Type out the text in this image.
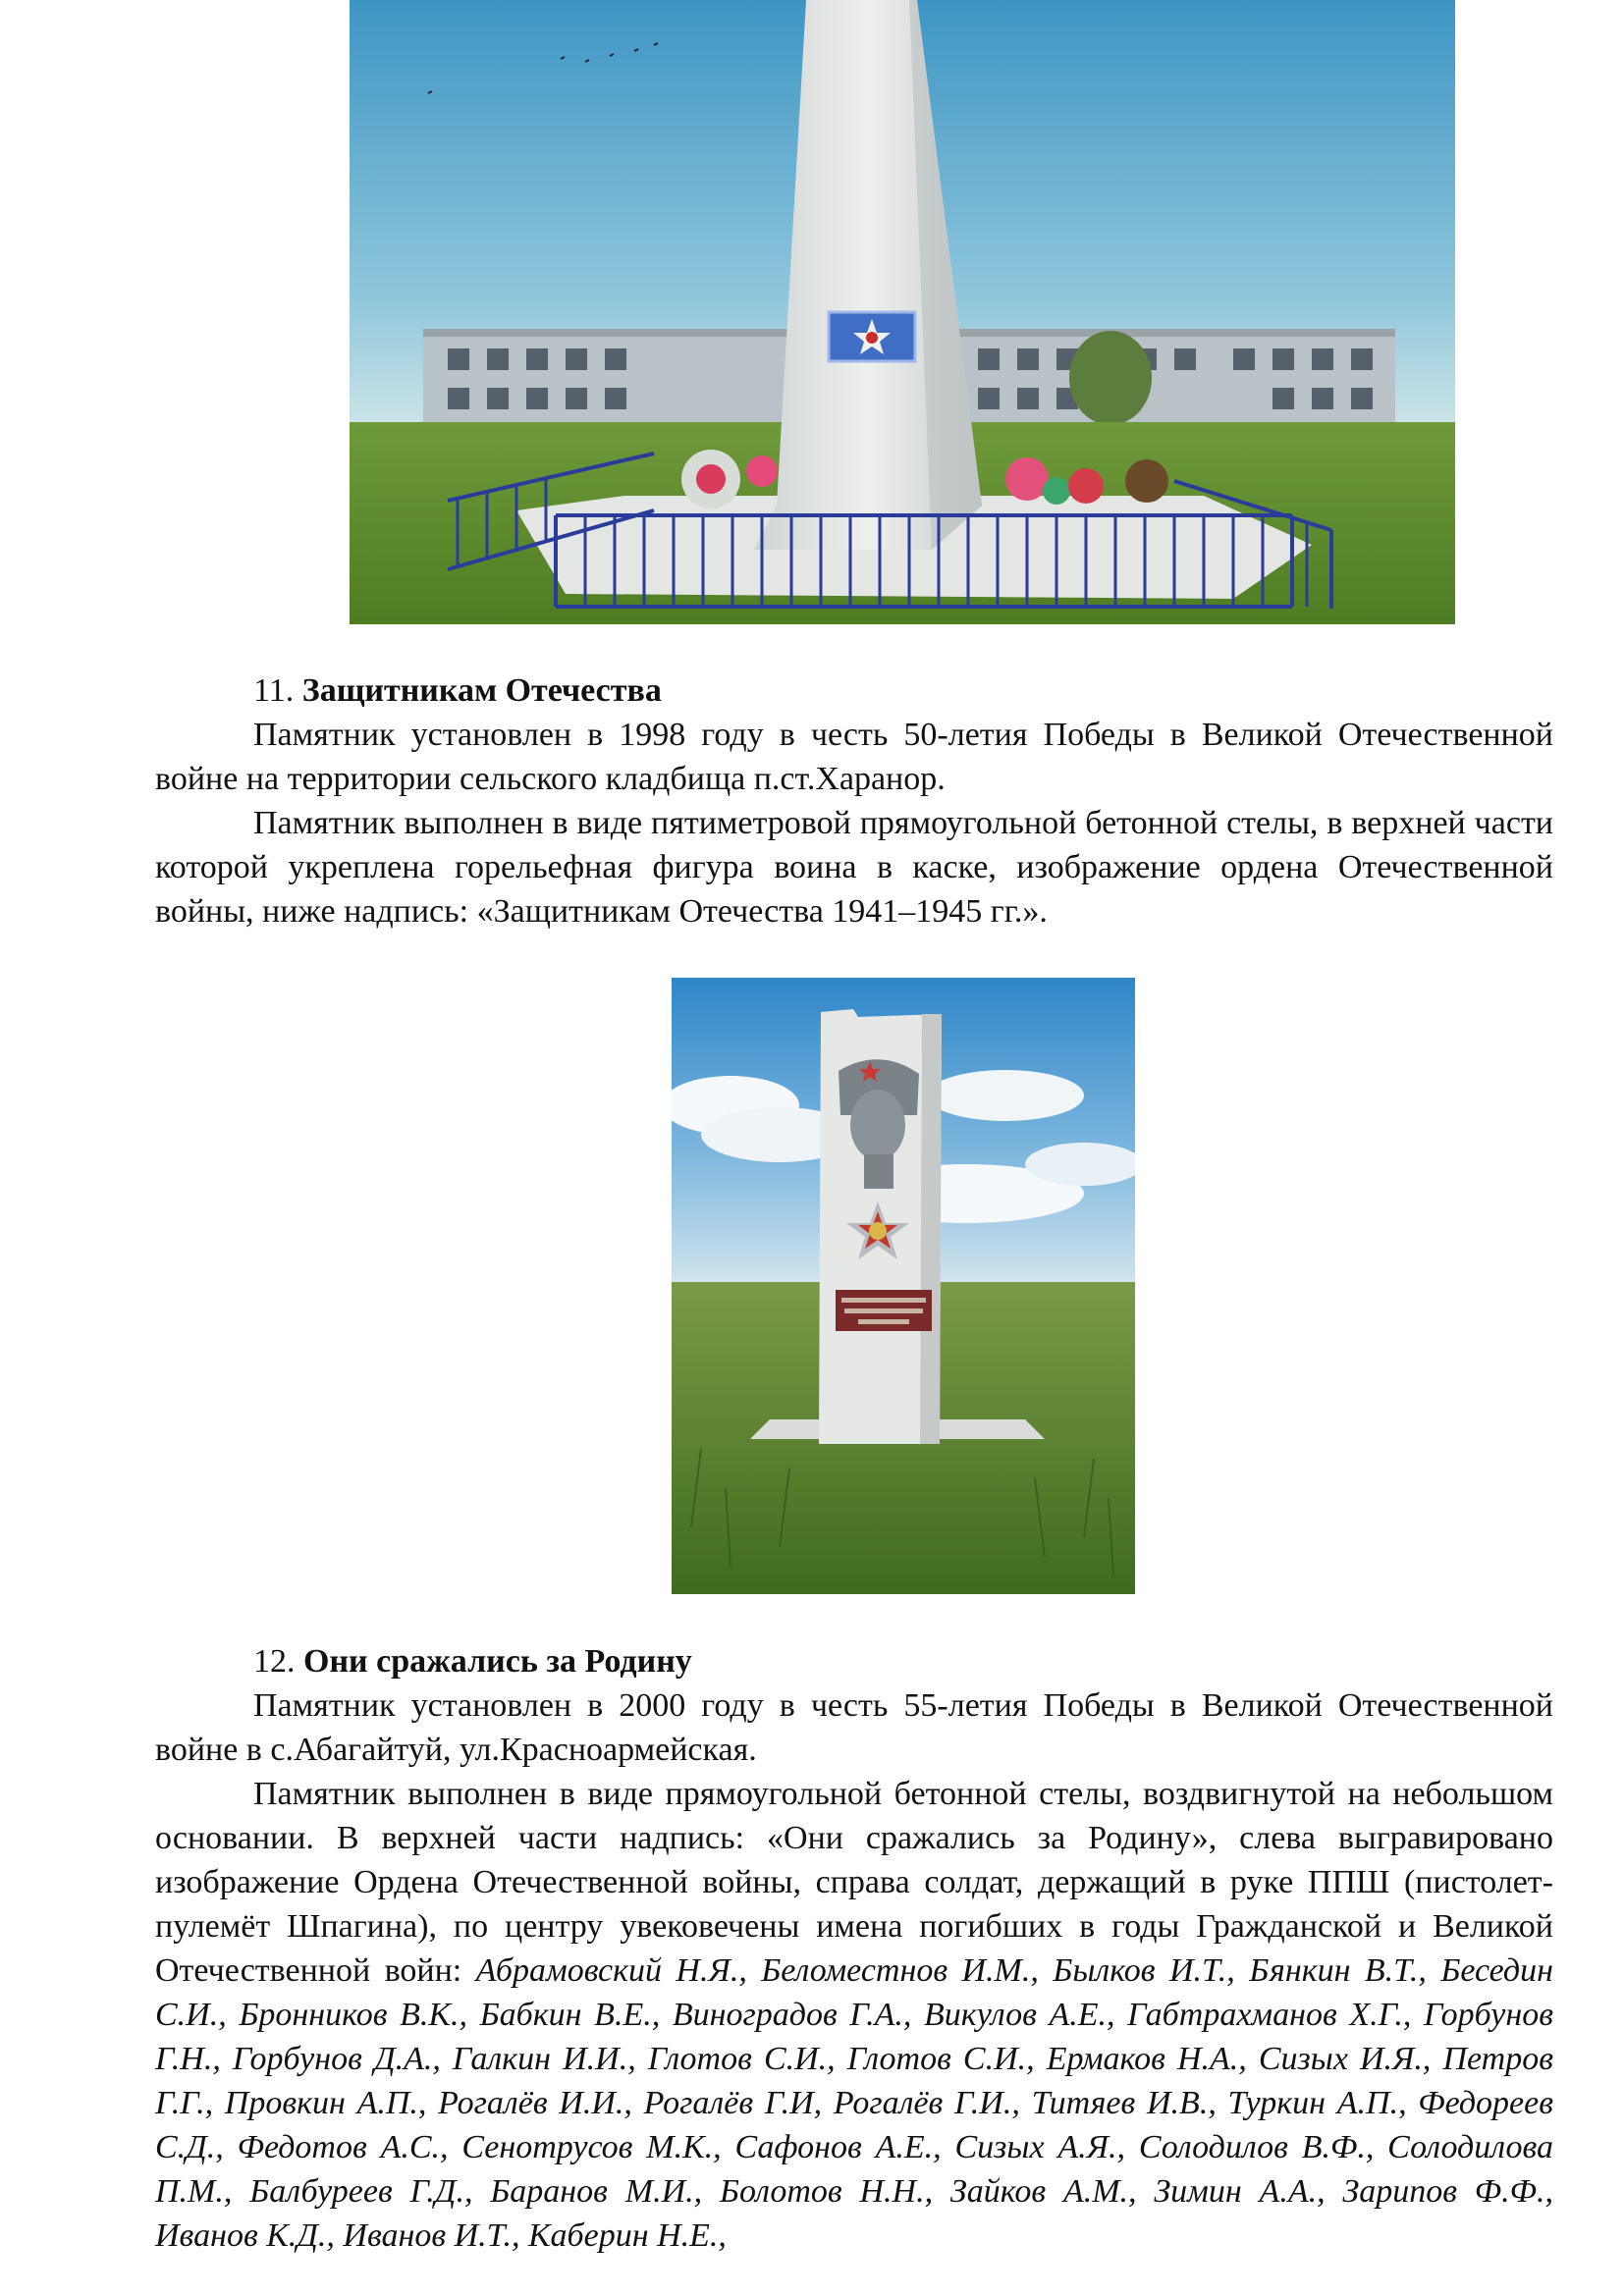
11. Защитникам Отечества

Памятник установлен в 1998 году в честь 50-летия Победы в Великой Отечественной войне на территории сельского кладбища п.ст.Харанор.

Памятник выполнен в виде пятиметровой прямоугольной бетонной стелы, в верхней части которой укреплена горельефная фигура воина в каске, изображение ордена Отечественной войны, ниже надпись: «Защитникам Отечества 1941–1945 гг.».

12. Они сражались за Родину

Памятник установлен в 2000 году в честь 55-летия Победы в Великой Отечественной войне в с.Абагайтуй, ул.Красноармейская.

Памятник выполнен в виде прямоугольной бетонной стелы, воздвигнутой на небольшом основании. В верхней части надпись: «Они сражались за Родину», слева выгравировано изображение Ордена Отечественной войны, справа солдат, держащий в руке ППШ (пистолет-пулемёт Шпагина), по центру увековечены имена погибших в годы Гражданской и Великой Отечественной войн: Абрамовский Н.Я., Беломестнов И.М., Былков И.Т., Бянкин В.Т., Беседин С.И., Бронников В.К., Бабкин В.Е., Виноградов Г.А., Викулов А.Е., Габтрахманов Х.Г., Горбунов Г.Н., Горбунов Д.А., Галкин И.И., Глотов С.И., Глотов С.И., Ермаков Н.А., Сизых И.Я., Петров Г.Г., Провкин А.П., Рогалёв И.И., Рогалёв Г.И, Рогалёв Г.И., Титяев И.В., Туркин А.П., Федореев С.Д., Федотов А.С., Сенотрусов М.К., Сафонов А.Е., Сизых А.Я., Солодилов В.Ф., Солодилова П.М., Балбуреев Г.Д., Баранов М.И., Болотов Н.Н., Зайков А.М., Зимин А.А., Зарипов Ф.Ф., Иванов К.Д., Иванов И.Т., Каберин Н.Е.,
